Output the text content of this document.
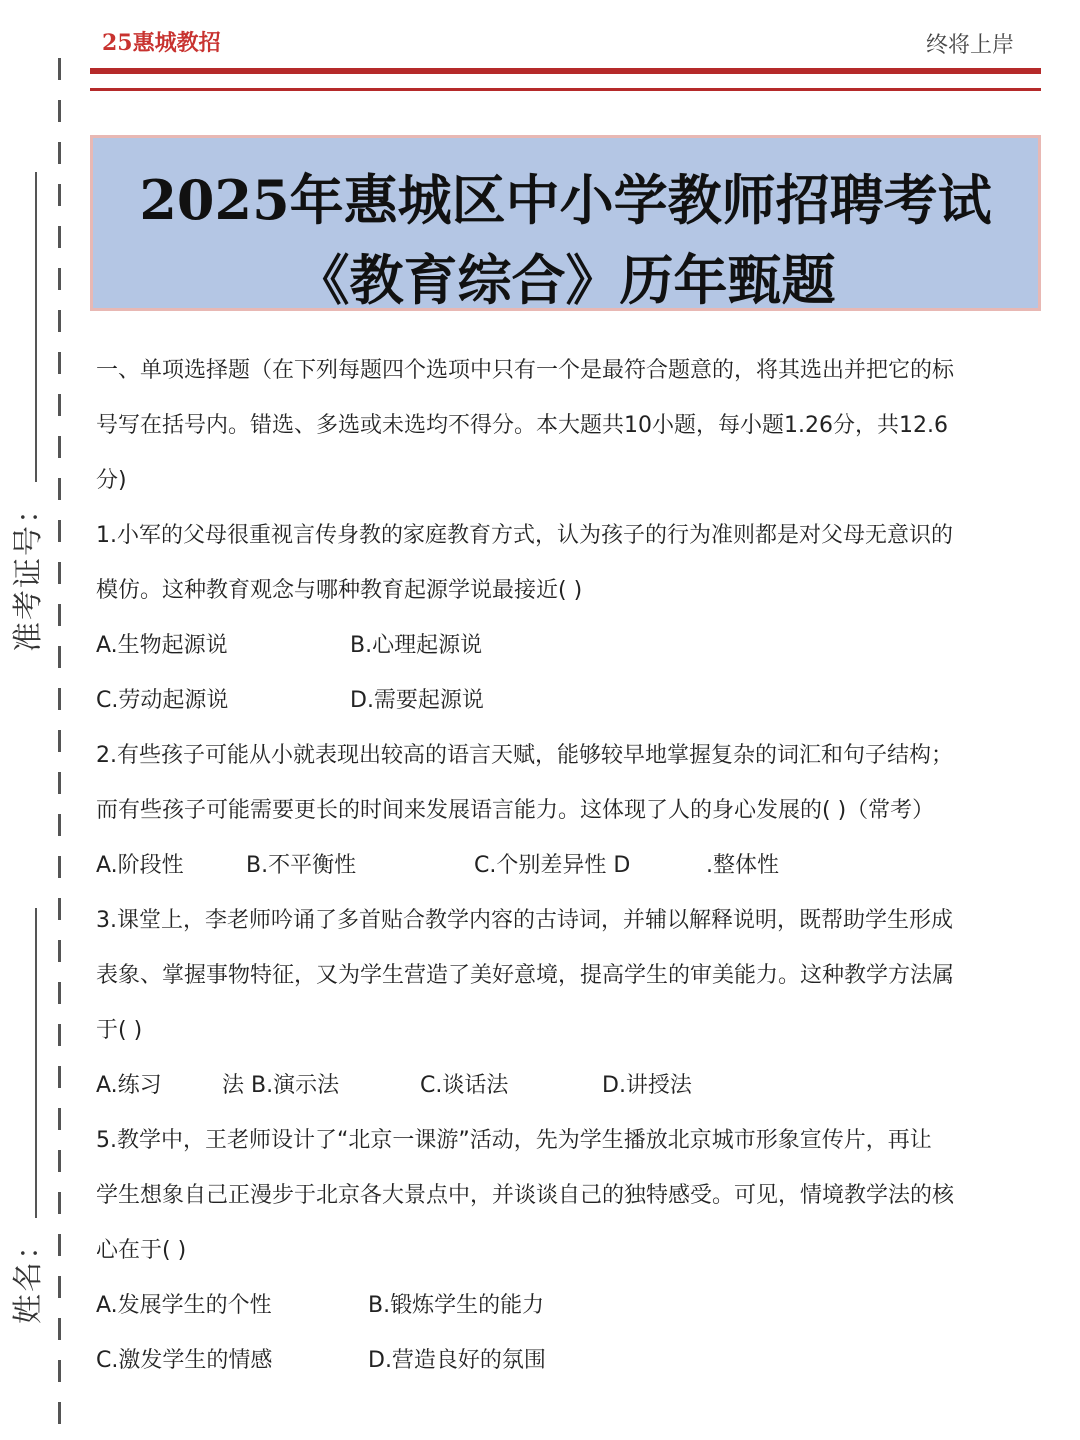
25惠城教招	终将上岸
准考证号：
姓名：
2025年惠城区中小学教师招聘考试
《教育综合》历年甄题

一、单项选择题（在下列每题四个选项中只有一个是最符合题意的，将其选出并把它的标

号写在括号内。错选、多选或未选均不得分。本大题共10小题，每小题1.26分，共12.6

分)

1.小军的父母很重视言传身教的家庭教育方式，认为孩子的行为准则都是对父母无意识的

模仿。这种教育观念与哪种教育起源学说最接近( )

A.生物起源说	B.心理起源说
C.劳动起源说	D.需要起源说

2.有些孩子可能从小就表现出较高的语言天赋，能够较早地掌握复杂的词汇和句子结构；

而有些孩子可能需要更长的时间来发展语言能力。这体现了人的身心发展的( )（常考）

A.阶段性	B.不平衡性	C.个别差异性 D	.整体性

3.课堂上，李老师吟诵了多首贴合教学内容的古诗词，并辅以解释说明，既帮助学生形成

表象、掌握事物特征，又为学生营造了美好意境，提高学生的审美能力。这种教学方法属

于( )

A.练习	法 B.演示法	C.谈话法	D.讲授法

5.教学中，王老师设计了“北京一课游”活动，先为学生播放北京城市形象宣传片，再让

学生想象自己正漫步于北京各大景点中，并谈谈自己的独特感受。可见，情境教学法的核

心在于( )

A.发展学生的个性	B.锻炼学生的能力
C.激发学生的情感	D.营造良好的氛围
